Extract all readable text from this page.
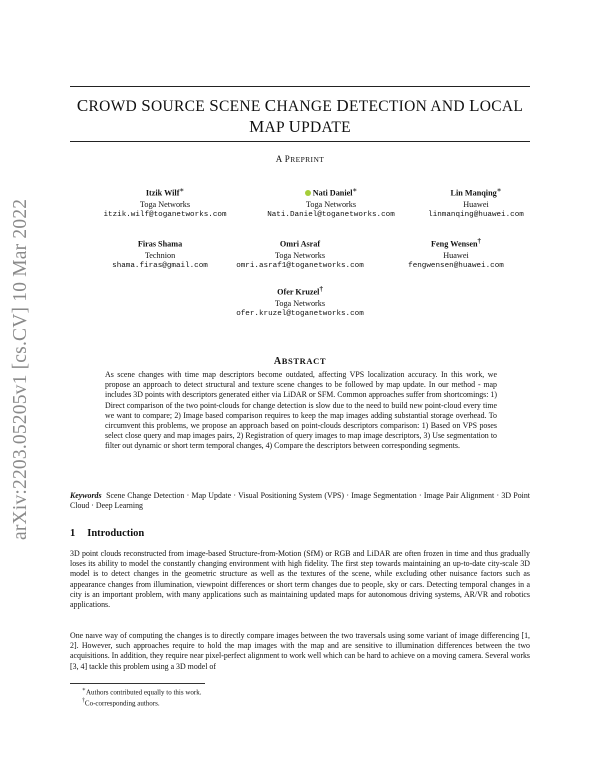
arXiv:2203.05205v1 [cs.CV] 10 Mar 2022
CROWD SOURCE SCENE CHANGE DETECTION AND LOCAL
MAP UPDATE
A PREPRINT
Itzik Wilf∗
Toga Networks
itzik.wilf@toganetworks.com
Nati Daniel∗
Toga Networks
Nati.Daniel@toganetworks.com
Lin Manqing∗
Huawei
linmanqing@huawei.com
Firas Shama
Technion
shama.firas@gmail.com
Omri Asraf
Toga Networks
omri.asraf1@toganetworks.com
Feng Wensen†
Huawei
fengwensen@huawei.com
Ofer Kruzel†
Toga Networks
ofer.kruzel@toganetworks.com
ABSTRACT
As scene changes with time map descriptors become outdated, affecting VPS localization accuracy. In this work, we propose an approach to detect structural and texture scene changes to be followed by map update. In our method - map includes 3D points with descriptors generated either via LiDAR or SFM. Common approaches suffer from shortcomings: 1) Direct comparison of the two point-clouds for change detection is slow due to the need to build new point-cloud every time we want to compare; 2) Image based comparison requires to keep the map images adding substantial storage overhead. To circumvent this problems, we propose an approach based on point-clouds descriptors comparison: 1) Based on VPS poses select close query and map images pairs, 2) Registration of query images to map image descriptors, 3) Use segmentation to filter out dynamic or short term temporal changes, 4) Compare the descriptors between corresponding segments.
Keywords Scene Change Detection · Map Update · Visual Positioning System (VPS) · Image Segmentation · Image Pair Alignment · 3D Point Cloud · Deep Learning
1 Introduction
3D point clouds reconstructed from image-based Structure-from-Motion (SfM) or RGB and LiDAR are often frozen in time and thus gradually loses its ability to model the constantly changing environment with high fidelity. The first step towards maintaining an up-to-date city-scale 3D model is to detect changes in the geometric structure as well as the textures of the scene, while excluding other nuisance factors such as appearance changes from illumination, viewpoint differences or short term changes due to people, sky or cars. Detecting temporal changes in a city is an important problem, with many applications such as maintaining updated maps for autonomous driving systems, AR/VR and robotics applications.
One naıve way of computing the changes is to directly compare images between the two traversals using some variant of image differencing [1, 2]. However, such approaches require to hold the map images with the map and are sensitive to illumination differences between the two acquisitions. In addition, they require near pixel-perfect alignment to work well which can be hard to achieve on a moving camera. Several works [3, 4] tackle this problem using a 3D model of
∗Authors contributed equally to this work.
†Co-corresponding authors.
